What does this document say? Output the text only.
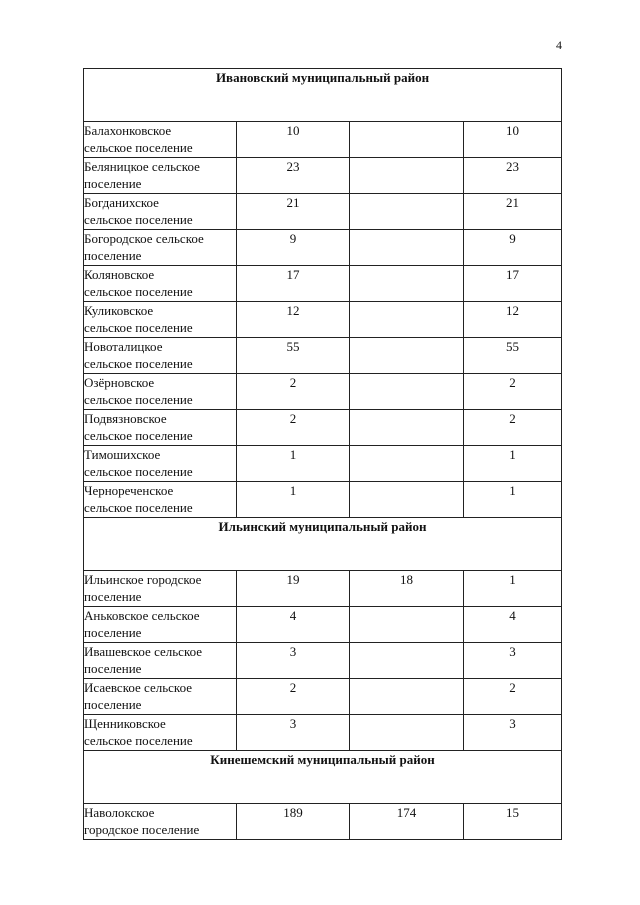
4
Ивановский муниципальный район			

Балахонковское
сельское поселение	10		10

Беляницкое сельское
поселение	23		23

Богданихское
сельское поселение	21		21

Богородское сельское
поселение	9		9

Коляновское
сельское поселение	17		17

Куликовское
сельское поселение	12		12

Новоталицкое
сельское поселение	55		55

Озёрновское
сельское поселение	2		2

Подвязновское
сельское поселение	2		2

Тимошихское
сельское поселение	1		1

Чернореченское
сельское поселение	1		1
Ильинский муниципальный район			

Ильинское городское
поселение	19	18	1

Аньковское сельское
поселение	4		4

Ивашевское сельское
поселение	3		3

Исаевское сельское
поселение	2		2

Щенниковское
сельское поселение	3		3
Кинешемский муниципальный район			

Наволокское
городское поселение	189	174	15
